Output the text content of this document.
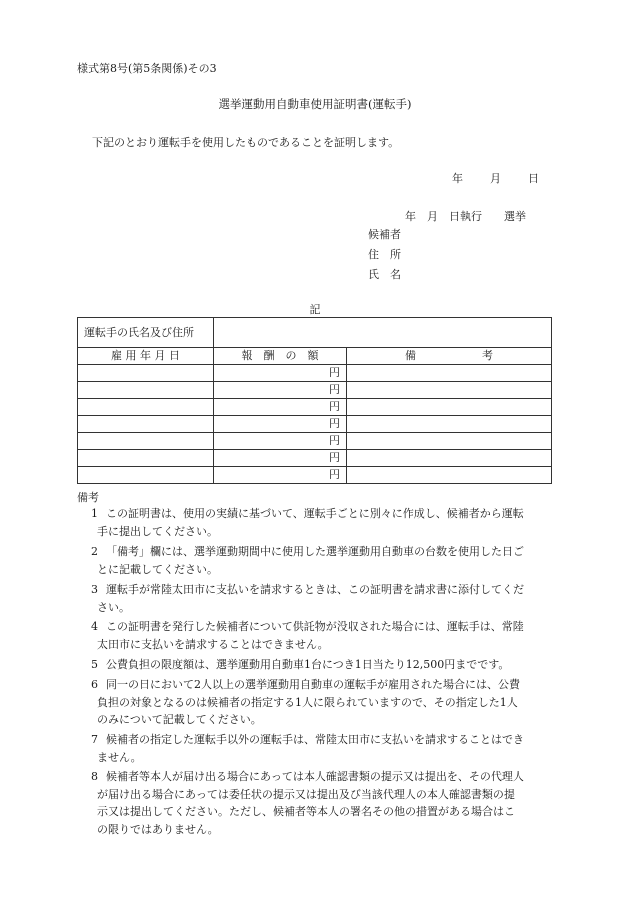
様式第8号(第5条関係)その3
選挙運動用自動車使用証明書(運転手)
下記のとおり運転手を使用したものであることを証明します。
年 月 日
年　月　日執行　　選挙
候補者
住　所
氏　名
記
運転手の氏名及び住所		
雇 用 年 月 日	報　酬　の　額	備　　　　　　考
	円	
	円	
	円	
	円	
	円	
	円	
	円	
備考
1 この証明書は、使用の実績に基づいて、運転手ごとに別々に作成し、候補者から運転
手に提出してください。
2 「備考」欄には、選挙運動期間中に使用した選挙運動用自動車の台数を使用した日ご
とに記載してください。
3 運転手が常陸太田市に支払いを請求するときは、この証明書を請求書に添付してくだ
さい。
4 この証明書を発行した候補者について供託物が没収された場合には、運転手は、常陸
太田市に支払いを請求することはできません。
5 公費負担の限度額は、選挙運動用自動車1台につき1日当たり12,500円までです。
6 同一の日において2人以上の選挙運動用自動車の運転手が雇用された場合には、公費
負担の対象となるのは候補者の指定する1人に限られていますので、その指定した1人
のみについて記載してください。
7 候補者の指定した運転手以外の運転手は、常陸太田市に支払いを請求することはでき
ません。
8 候補者等本人が届け出る場合にあっては本人確認書類の提示又は提出を、その代理人
が届け出る場合にあっては委任状の提示又は提出及び当該代理人の本人確認書類の提
示又は提出してください。ただし、候補者等本人の署名その他の措置がある場合はこ
の限りではありません。
